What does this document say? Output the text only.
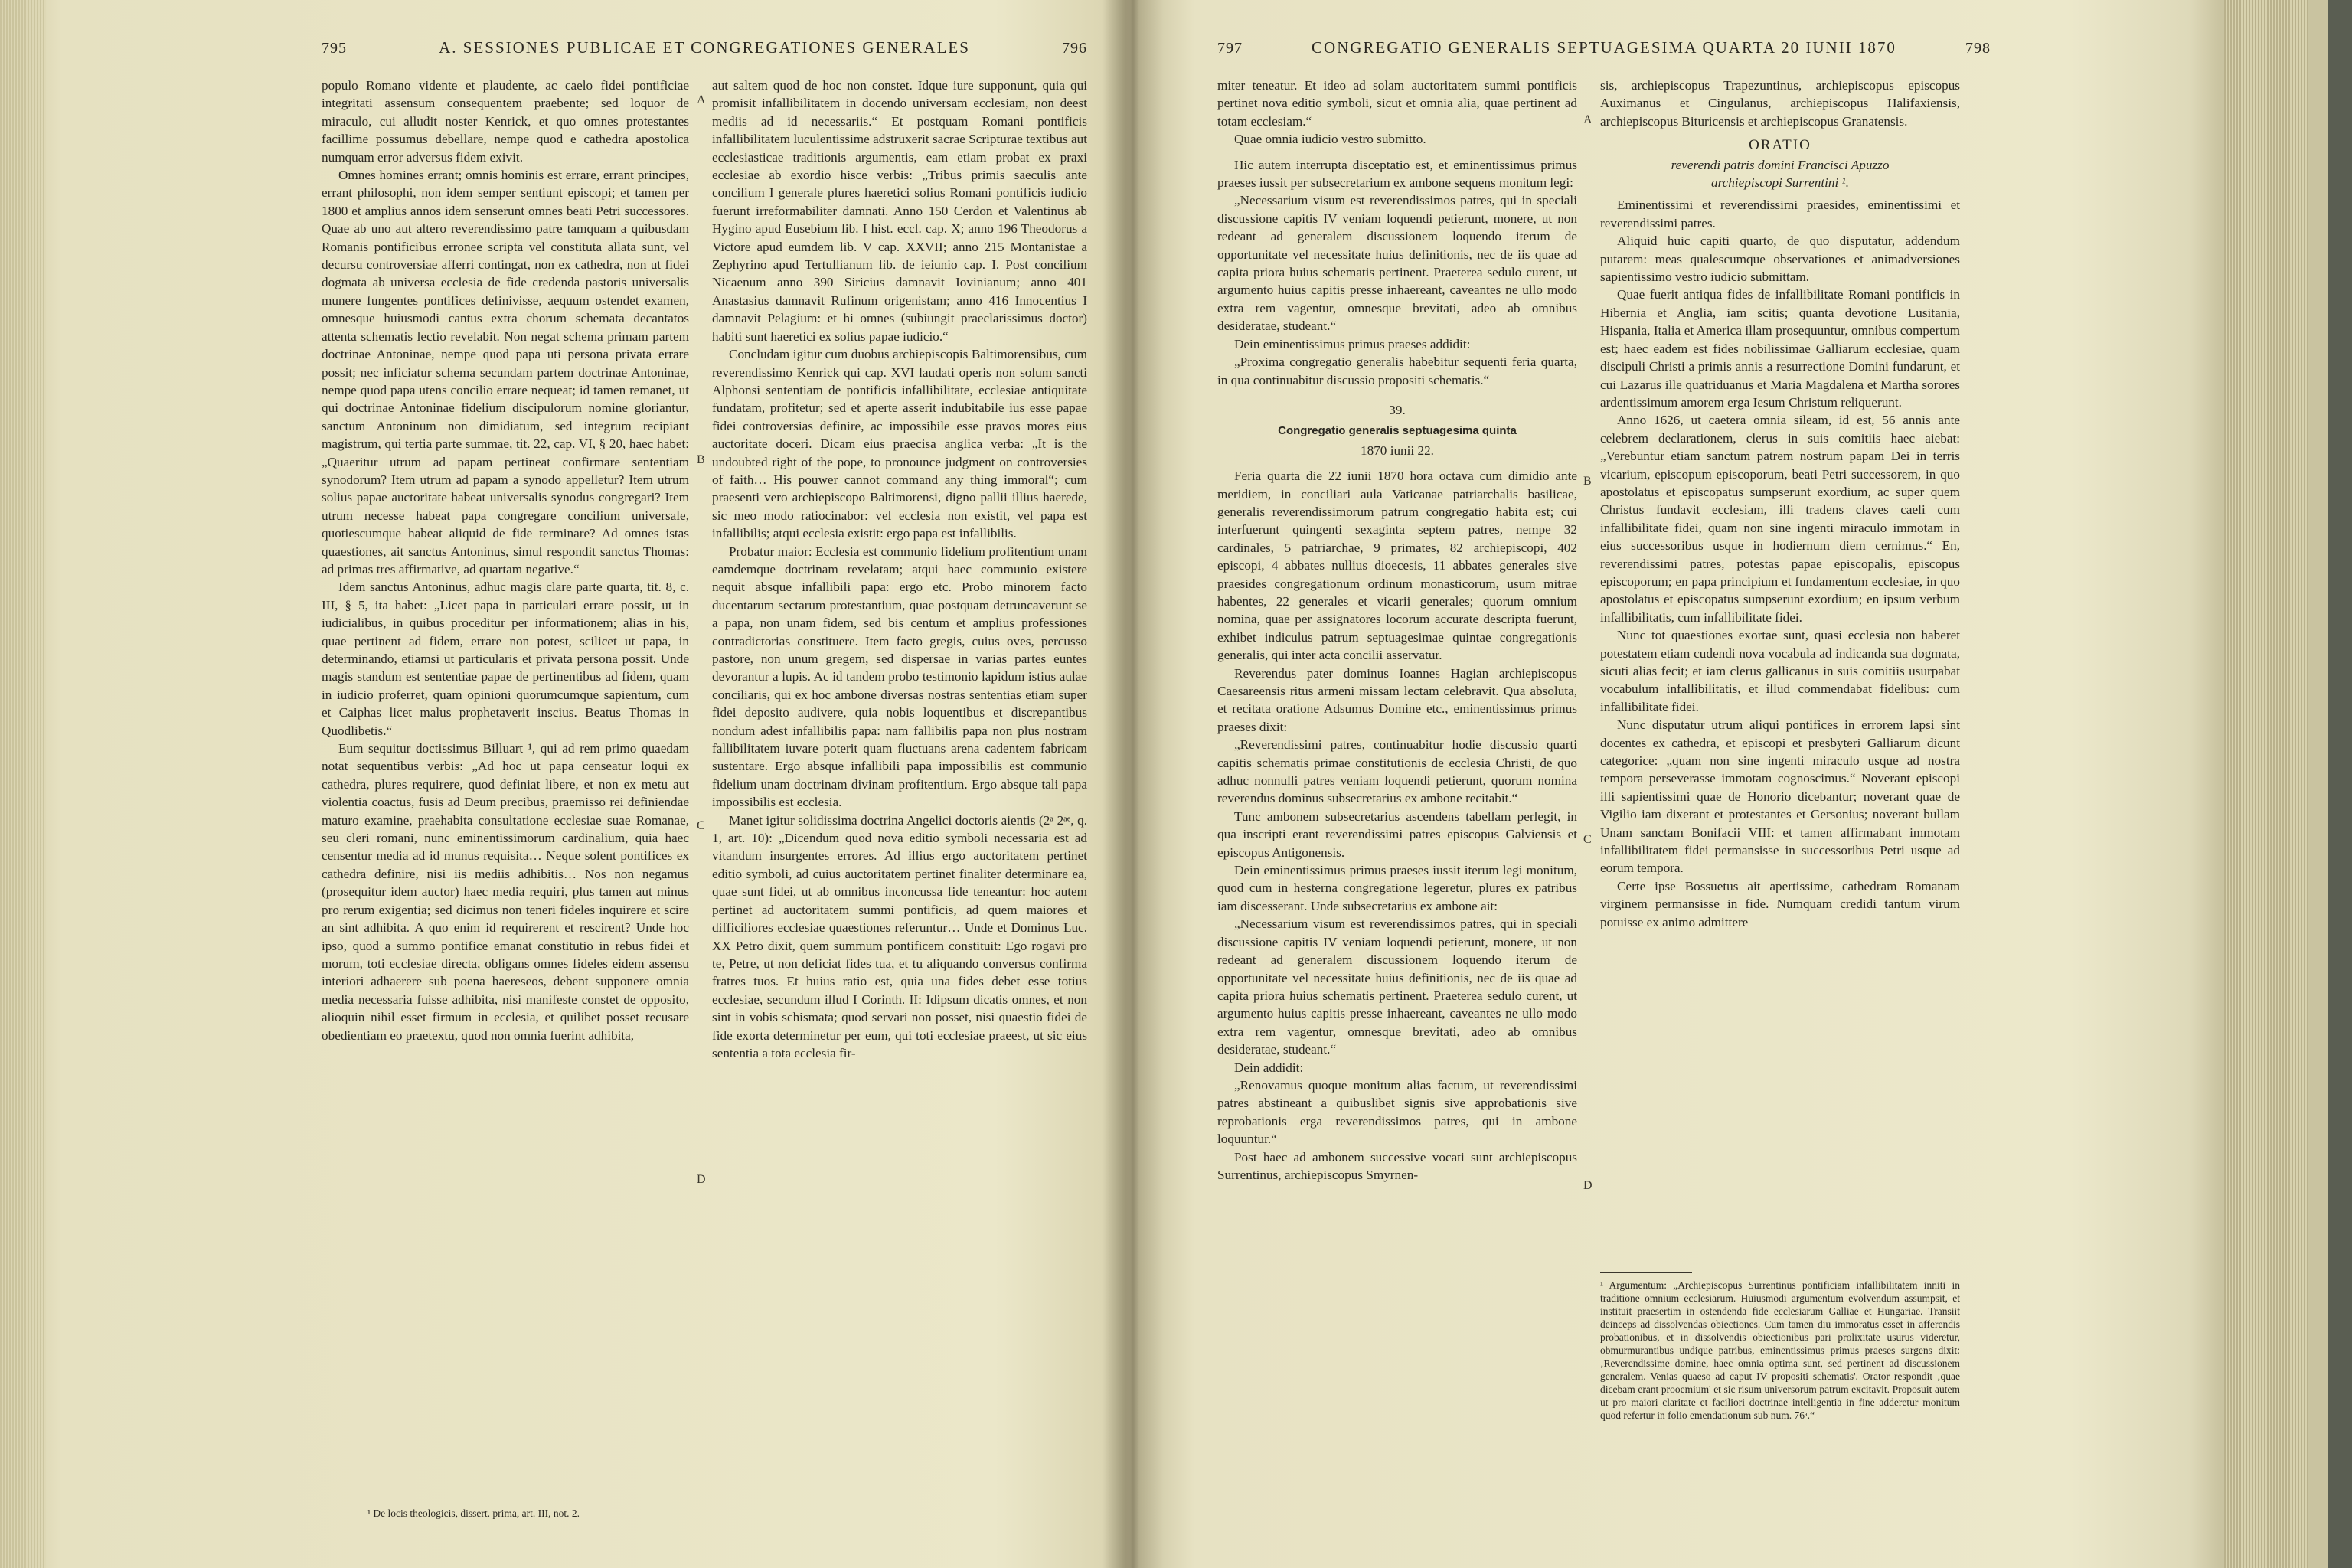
795	A. SESSIONES PUBLICAE ET CONGREGATIONES GENERALES	796

populo Romano vidente et plaudente, ac caelo fidei pontificiae integritati assensum consequentem praebente; sed loquor de miraculo, cui alludit noster Kenrick, et quo omnes protestantes facillime possumus debellare, nempe quod e cathedra apostolica numquam error adversus fidem exivit.

Omnes homines errant; omnis hominis est errare, errant principes, errant philosophi, non idem semper sentiunt episcopi; et tamen per 1800 et amplius annos idem senserunt omnes beati Petri successores. Quae ab uno aut altero reverendissimo patre tamquam a quibusdam Romanis pontificibus erronee scripta vel constituta allata sunt, vel decursu controversiae afferri contingat, non ex cathedra, non ut fidei dogmata ab universa ecclesia de fide credenda pastoris universalis munere fungentes pontifices definivisse, aequum ostendet examen, omnesque huiusmodi cantus extra chorum schemata decantatos attenta schematis lectio revelabit. Non negat schema primam partem doctrinae Antoninae, nempe quod papa uti persona privata errare possit; nec inficiatur schema secundam partem doctrinae Antoninae, nempe quod papa utens concilio errare nequeat; id tamen remanet, ut qui doctrinae Antoninae fidelium discipulorum nomine gloriantur, sanctum Antoninum non dimidiatum, sed integrum recipiant magistrum, qui tertia parte summae, tit. 22, cap. VI, § 20, haec habet: „Quaeritur utrum ad papam pertineat confirmare sententiam synodorum? Item utrum ad papam a synodo appelletur? Item utrum solius papae auctoritate habeat universalis synodus congregari? Item utrum necesse habeat papa congregare concilium universale, quotiescumque habeat aliquid de fide terminare? Ad omnes istas quaestiones, ait sanctus Antoninus, simul respondit sanctus Thomas: ad primas tres affirmative, ad quartam negative.“

Idem sanctus Antoninus, adhuc magis clare parte quarta, tit. 8, c. III, § 5, ita habet: „Licet papa in particulari errare possit, ut in iudicialibus, in quibus proceditur per informationem; alias in his, quae pertinent ad fidem, errare non potest, scilicet ut papa, in determinando, etiamsi ut particularis et privata persona possit. Unde magis standum est sententiae papae de pertinentibus ad fidem, quam in iudicio proferret, quam opinioni quorumcumque sapientum, cum et Caiphas licet malus prophetaverit inscius. Beatus Thomas in Quodlibetis.“

Eum sequitur doctissimus Billuart ¹, qui ad rem primo quaedam notat sequentibus verbis: „Ad hoc ut papa censeatur loqui ex cathedra, plures requirere, quod definiat libere, et non ex metu aut violentia coactus, fusis ad Deum precibus, praemisso rei definiendae maturo examine, praehabita consultatione ecclesiae suae Romanae, seu cleri romani, nunc eminentissimorum cardinalium, quia haec censentur media ad id munus requisita… Neque solent pontifices ex cathedra definire, nisi iis mediis adhibitis… Nos non negamus (prosequitur idem auctor) haec media requiri, plus tamen aut minus pro rerum exigentia; sed dicimus non teneri fideles inquirere et scire an sint adhibita. A quo enim id requirerent et rescirent? Unde hoc ipso, quod a summo pontifice emanat constitutio in rebus fidei et morum, toti ecclesiae directa, obligans omnes fideles eidem assensu interiori adhaerere sub poena haereseos, debent supponere omnia media necessaria fuisse adhibita, nisi manifeste constet de opposito, alioquin nihil esset firmum in ecclesia, et quilibet posset recusare obedientiam eo praetextu, quod non omnia fuerint adhibita,

aut saltem quod de hoc non constet. Idque iure supponunt, quia qui promisit infallibilitatem in docendo universam ecclesiam, non deest mediis ad id necessariis.“ Et postquam Romani pontificis infallibilitatem luculentissime adstruxerit sacrae Scripturae textibus aut ecclesiasticae traditionis argumentis, eam etiam probat ex praxi ecclesiae ab exordio hisce verbis: „Tribus primis saeculis ante concilium I generale plures haeretici solius Romani pontificis iudicio fuerunt irreformabiliter damnati. Anno 150 Cerdon et Valentinus ab Hygino apud Eusebium lib. I hist. eccl. cap. X; anno 196 Theodorus a Victore apud eumdem lib. V cap. XXVII; anno 215 Montanistae a Zephyrino apud Tertullianum lib. de ieiunio cap. I. Post concilium Nicaenum anno 390 Siricius damnavit Iovinianum; anno 401 Anastasius damnavit Rufinum origenistam; anno 416 Innocentius I damnavit Pelagium: et hi omnes (subiungit praeclarissimus doctor) habiti sunt haeretici ex solius papae iudicio.“

Concludam igitur cum duobus archiepiscopis Baltimorensibus, cum reverendissimo Kenrick qui cap. XVI laudati operis non solum sancti Alphonsi sententiam de pontificis infallibilitate, ecclesiae antiquitate fundatam, profitetur; sed et aperte asserit indubitabile ius esse papae fidei controversias definire, ac impossibile esse pravos mores eius auctoritate doceri. Dicam eius praecisa anglica verba: „It is the undoubted right of the pope, to pronounce judgment on controversies of faith… His pouwer cannot command any thing immoral“; cum praesenti vero archiepiscopo Baltimorensi, digno pallii illius haerede, sic meo modo ratiocinabor: vel ecclesia non existit, vel papa est infallibilis; atqui ecclesia existit: ergo papa est infallibilis.

Probatur maior: Ecclesia est communio fidelium profitentium unam eamdemque doctrinam revelatam; atqui haec communio existere nequit absque infallibili papa: ergo etc. Probo minorem facto ducentarum sectarum protestantium, quae postquam detruncaverunt se a papa, non unam fidem, sed bis centum et amplius professiones contradictorias constituere. Item facto gregis, cuius oves, percusso pastore, non unum gregem, sed dispersae in varias partes euntes devorantur a lupis. Ac id tandem probo testimonio lapidum istius aulae conciliaris, qui ex hoc ambone diversas nostras sententias etiam super fidei deposito audivere, quia nobis loquentibus et discrepantibus nondum adest infallibilis papa: nam fallibilis papa non plus nostram fallibilitatem iuvare poterit quam fluctuans arena cadentem fabricam sustentare. Ergo absque infallibili papa impossibilis est communio fidelium unam doctrinam divinam profitentium. Ergo absque tali papa impossibilis est ecclesia.

Manet igitur solidissima doctrina Angelici doctoris aientis (2ᵃ 2ᵃᵉ, q. 1, art. 10): „Dicendum quod nova editio symboli necessaria est ad vitandum insurgentes errores. Ad illius ergo auctoritatem pertinet editio symboli, ad cuius auctoritatem pertinet finaliter determinare ea, quae sunt fidei, ut ab omnibus inconcussa fide teneantur: hoc autem pertinet ad auctoritatem summi pontificis, ad quem maiores et difficiliores ecclesiae quaestiones referuntur… Unde et Dominus Luc. XX Petro dixit, quem summum pontificem constituit: Ego rogavi pro te, Petre, ut non deficiat fides tua, et tu aliquando conversus confirma fratres tuos. Et huius ratio est, quia una fides debet esse totius ecclesiae, secundum illud I Corinth. II: Idipsum dicatis omnes, et non sint in vobis schismata; quod servari non posset, nisi quaestio fidei de fide exorta determinetur per eum, qui toti ecclesiae praeest, ut sic eius sententia a tota ecclesia fir-

A
B
C
D

¹ De locis theologicis, dissert. prima, art. III, not. 2.

797	CONGREGATIO GENERALIS SEPTUAGESIMA QUARTA 20 IUNII 1870	798

miter teneatur. Et ideo ad solam auctoritatem summi pontificis pertinet nova editio symboli, sicut et omnia alia, quae pertinent ad totam ecclesiam.“

Quae omnia iudicio vestro submitto.

Hic autem interrupta disceptatio est, et eminentissimus primus praeses iussit per subsecretarium ex ambone sequens monitum legi:

„Necessarium visum est reverendissimos patres, qui in speciali discussione capitis IV veniam loquendi petierunt, monere, ut non redeant ad generalem discussionem loquendo iterum de opportunitate vel necessitate huius definitionis, nec de iis quae ad capita priora huius schematis pertinent. Praeterea sedulo curent, ut argumento huius capitis presse inhaereant, caveantes ne ullo modo extra rem vagentur, omnesque brevitati, adeo ab omnibus desideratae, studeant.“

Dein eminentissimus primus praeses addidit:

„Proxima congregatio generalis habebitur sequenti feria quarta, in qua continuabitur discussio propositi schematis.“

39.
Congregatio generalis septuagesima quinta
1870 iunii 22.

Feria quarta die 22 iunii 1870 hora octava cum dimidio ante meridiem, in conciliari aula Vaticanae patriarchalis basilicae, generalis reverendissimorum patrum congregatio habita est; cui interfuerunt quingenti sexaginta septem patres, nempe 32 cardinales, 5 patriarchae, 9 primates, 82 archiepiscopi, 402 episcopi, 4 abbates nullius dioecesis, 11 abbates generales sive praesides congregationum ordinum monasticorum, usum mitrae habentes, 22 generales et vicarii generales; quorum omnium nomina, quae per assignatores locorum accurate descripta fuerunt, exhibet indiculus patrum septuagesimae quintae congregationis generalis, qui inter acta concilii asservatur.

Reverendus pater dominus Ioannes Hagian archiepiscopus Caesareensis ritus armeni missam lectam celebravit. Qua absoluta, et recitata oratione Adsumus Domine etc., eminentissimus primus praeses dixit:

„Reverendissimi patres, continuabitur hodie discussio quarti capitis schematis primae constitutionis de ecclesia Christi, de quo adhuc nonnulli patres veniam loquendi petierunt, quorum nomina reverendus dominus subsecretarius ex ambone recitabit.“

Tunc ambonem subsecretarius ascendens tabellam perlegit, in qua inscripti erant reverendissimi patres episcopus Galviensis et episcopus Antigonensis.

Dein eminentissimus primus praeses iussit iterum legi monitum, quod cum in hesterna congregatione legeretur, plures ex patribus iam discesserant. Unde subsecretarius ex ambone ait:

„Necessarium visum est reverendissimos patres, qui in speciali discussione capitis IV veniam loquendi petierunt, monere, ut non redeant ad generalem discussionem loquendo iterum de opportunitate vel necessitate huius definitionis, nec de iis quae ad capita priora huius schematis pertinent. Praeterea sedulo curent, ut argumento huius capitis presse inhaereant, caveantes ne ullo modo extra rem vagentur, omnesque brevitati, adeo ab omnibus desideratae, studeant.“

Dein addidit:

„Renovamus quoque monitum alias factum, ut reverendissimi patres abstineant a quibuslibet signis sive approbationis sive reprobationis erga reverendissimos patres, qui in ambone loquuntur.“

Post haec ad ambonem successive vocati sunt archiepiscopus Surrentinus, archiepiscopus Smyrnen-

sis, archiepiscopus Trapezuntinus, archiepiscopus episcopus Auximanus et Cingulanus, archiepiscopus Halifaxiensis, archiepiscopus Bituricensis et archiepiscopus Granatensis.

ORATIO
reverendi patris domini Francisci Apuzzo
archiepiscopi Surrentini ¹.

Eminentissimi et reverendissimi praesides, eminentissimi et reverendissimi patres.

Aliquid huic capiti quarto, de quo disputatur, addendum putarem: meas qualescumque observationes et animadversiones sapientissimo vestro iudicio submittam.

Quae fuerit antiqua fides de infallibilitate Romani pontificis in Hibernia et Anglia, iam scitis; quanta devotione Lusitania, Hispania, Italia et America illam prosequuntur, omnibus compertum est; haec eadem est fides nobilissimae Galliarum ecclesiae, quam discipuli Christi a primis annis a resurrectione Domini fundarunt, et cui Lazarus ille quatriduanus et Maria Magdalena et Martha sorores ardentissimum amorem erga Iesum Christum reliquerunt.

Anno 1626, ut caetera omnia sileam, id est, 56 annis ante celebrem declarationem, clerus in suis comitiis haec aiebat: „Verebuntur etiam sanctum patrem nostrum papam Dei in terris vicarium, episcopum episcoporum, beati Petri successorem, in quo apostolatus et episcopatus sumpserunt exordium, ac super quem Christus fundavit ecclesiam, illi tradens claves caeli cum infallibilitate fidei, quam non sine ingenti miraculo immotam in eius successoribus usque in hodiernum diem cernimus.“ En, reverendissimi patres, potestas papae episcopalis, episcopus episcoporum; en papa principium et fundamentum ecclesiae, in quo apostolatus et episcopatus sumpserunt exordium; en ipsum verbum infallibilitatis, cum infallibilitate fidei.

Nunc tot quaestiones exortae sunt, quasi ecclesia non haberet potestatem etiam cudendi nova vocabula ad indicanda sua dogmata, sicuti alias fecit; et iam clerus gallicanus in suis comitiis usurpabat vocabulum infallibilitatis, et illud commendabat fidelibus: cum infallibilitate fidei.

Nunc disputatur utrum aliqui pontifices in errorem lapsi sint docentes ex cathedra, et episcopi et presbyteri Galliarum dicunt categorice: „quam non sine ingenti miraculo usque ad nostra tempora perseverasse immotam cognoscimus.“ Noverant episcopi illi sapientissimi quae de Honorio dicebantur; noverant quae de Vigilio iam dixerant et protestantes et Gersonius; noverant bullam Unam sanctam Bonifacii VIII: et tamen affirmabant immotam infallibilitatem fidei permansisse in successoribus Petri usque ad eorum tempora.

Certe ipse Bossuetus ait apertissime, cathedram Romanam virginem permansisse in fide. Numquam credidi tantum virum potuisse ex animo admittere

A
B
C
D

¹ Argumentum: „Archiepiscopus Surrentinus pontificiam infallibilitatem inniti in traditione omnium ecclesiarum. Huiusmodi argumentum evolvendum assumpsit, et instituit praesertim in ostendenda fide ecclesiarum Galliae et Hungariae. Transiit deinceps ad dissolvendas obiectiones. Cum tamen diu immoratus esset in afferendis probationibus, et in dissolvendis obiectionibus pari prolixitate usurus videretur, obmurmurantibus undique patribus, eminentissimus primus praeses surgens dixit: ‚Reverendissime domine, haec omnia optima sunt, sed pertinent ad discussionem generalem. Venias quaeso ad caput IV propositi schematis'. Orator respondit ‚quae dicebam erant prooemium' et sic risum universorum patrum excitavit. Proposuit autem ut pro maiori claritate et faciliori doctrinae intelligentia in fine adderetur monitum quod refertur in folio emendationum sub num. 76ᵃ.“
